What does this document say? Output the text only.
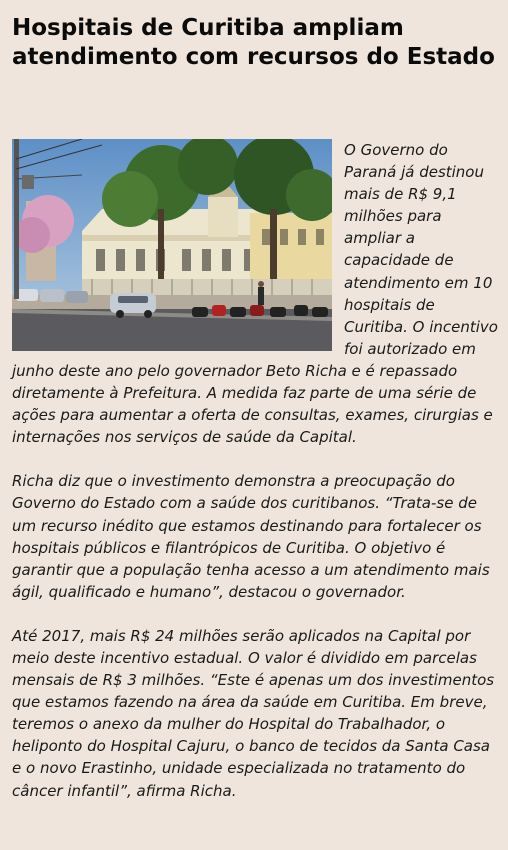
Hospitais de Curitiba ampliam atendimento com recursos do Estado

O Governo do Paraná já destinou mais de R$ 9,1 milhões para ampliar a capacidade de atendimento em 10 hospitais de Curitiba. O incentivo foi autorizado em junho deste ano pelo governador Beto Richa e é repassado diretamente à Prefeitura. A medida faz parte de uma série de ações para aumentar a oferta de consultas, exames, cirurgias e internações nos serviços de saúde da Capital.

Richa diz que o investimento demonstra a preocupação do Governo do Estado com a saúde dos curitibanos. “Trata-se de um recurso inédito que estamos destinando para fortalecer os hospitais públicos e filantrópicos de Curitiba. O objetivo é garantir que a população tenha acesso a um atendimento mais ágil, qualificado e humano”, destacou o governador.

Até 2017, mais R$ 24 milhões serão aplicados na Capital por meio deste incentivo estadual. O valor é dividido em parcelas mensais de R$ 3 milhões. “Este é apenas um dos investimentos que estamos fazendo na área da saúde em Curitiba. Em breve, teremos o anexo da mulher do Hospital do Trabalhador, o heliponto do Hospital Cajuru, o banco de tecidos da Santa Casa e o novo Erastinho, unidade especializada no tratamento do câncer infantil”, afirma Richa.
